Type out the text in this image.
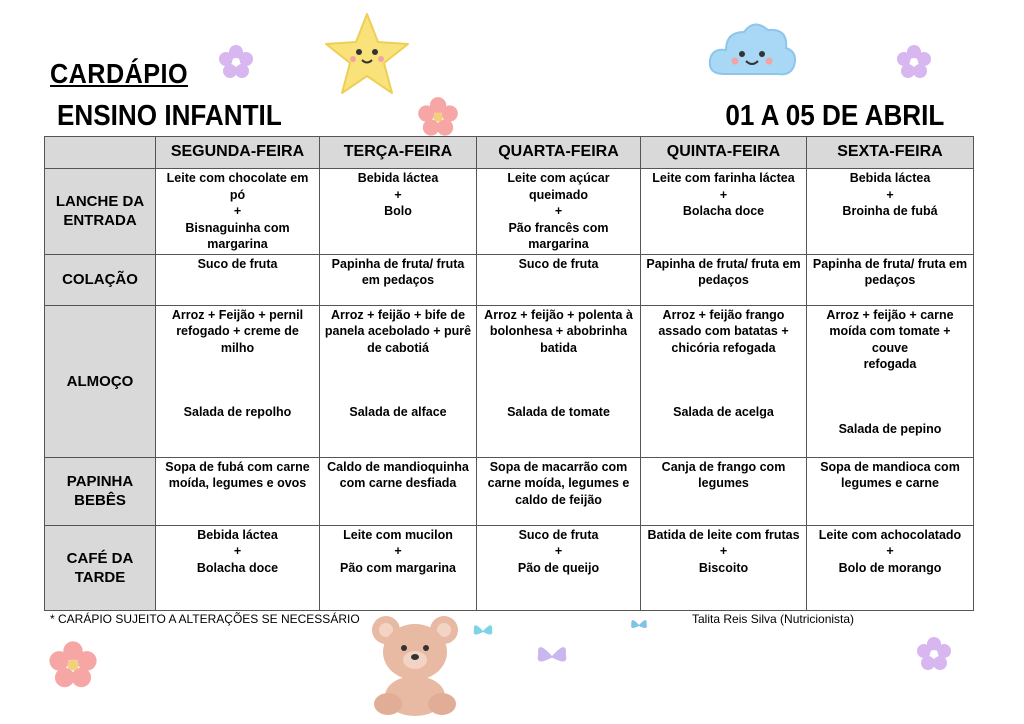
CARDÁPIO
ENSINO INFANTIL	01 A 05 DE ABRIL
	SEGUNDA-FEIRA	TERÇA-FEIRA	QUARTA-FEIRA	QUINTA-FEIRA	SEXTA-FEIRA

LANCHE DA
ENTRADA	Leite com chocolate em
pó
+
Bisnaguinha com
margarina	Bebida láctea
+
Bolo	Leite com açúcar
queimado
+
Pão francês com
margarina	Leite com farinha láctea
+
Bolacha doce	Bebida láctea
+
Broinha de fubá

COLAÇÃO	Suco de fruta	Papinha de fruta/ fruta
em pedaços	Suco de fruta	Papinha de fruta/ fruta em
pedaços	Papinha de fruta/ fruta em
pedaços

ALMOÇO	Arroz + Feijão + pernil
refogado + creme de
milho
Salada de repolho	Arroz + feijão + bife de
panela acebolado + purê
de cabotiá
Salada de alface	Arroz + feijão + polenta à
bolonhesa + abobrinha
batida
Salada de tomate	Arroz + feijão frango
assado com batatas +
chicória refogada
Salada de acelga	Arroz + feijão + carne
moída com tomate + couve
refogada
Salada de pepino

PAPINHA
BEBÊS	Sopa de fubá com carne
moída, legumes e ovos	Caldo de mandioquinha
com carne desfiada	Sopa de macarrão com
carne moída, legumes e
caldo de feijão	Canja de frango com
legumes	Sopa de mandioca com
legumes e carne

CAFÉ DA
TARDE	Bebida láctea
+
Bolacha doce	Leite com mucilon
+
Pão com margarina	Suco de fruta
+
Pão de queijo	Batida de leite com frutas
+
Biscoito	Leite com achocolatado
+
Bolo de morango
* CARÁPIO SUJEITO A ALTERAÇÕES SE NECESSÁRIO	Talita Reis Silva (Nutricionista)
